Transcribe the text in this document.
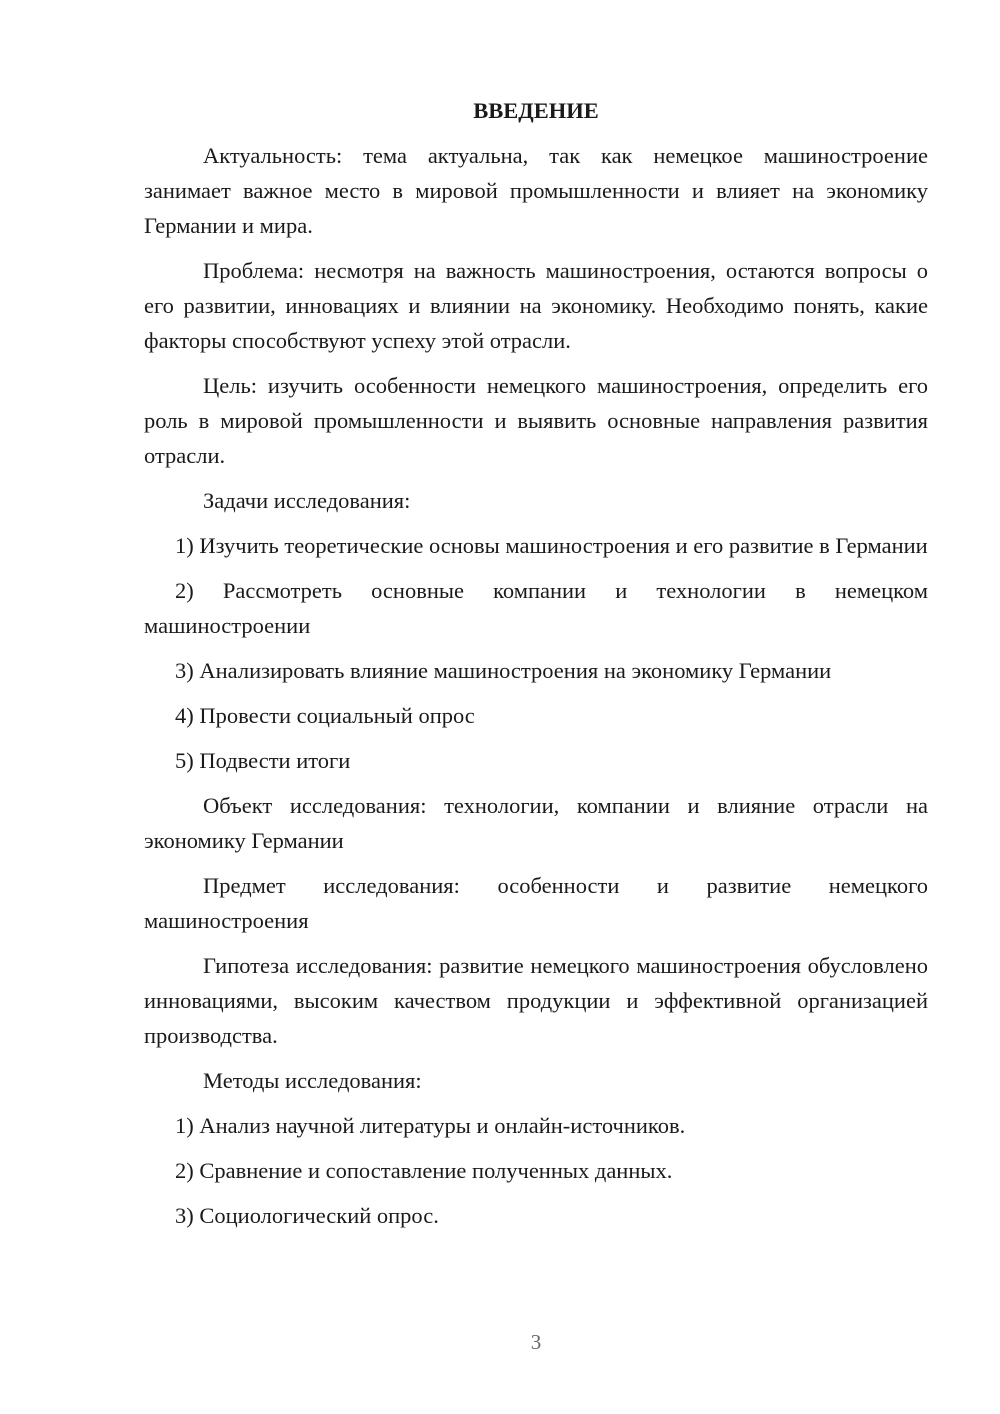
ВВЕДЕНИЕ

Актуальность: тема актуальна, так как немецкое машиностроение занимает важное место в мировой промышленности и влияет на экономику Германии и мира.

Проблема: несмотря на важность машиностроения, остаются вопросы о его развитии, инновациях и влиянии на экономику. Необходимо понять, какие факторы способствуют успеху этой отрасли.

Цель: изучить особенности немецкого машиностроения, определить его роль в мировой промышленности и выявить основные направления развития отрасли.

Задачи исследования:

1) Изучить теоретические основы машиностроения и его развитие в Германии

2) Рассмотреть основные компании и технологии в немецком машиностроении

3) Анализировать влияние машиностроения на экономику Германии

4) Провести социальный опрос

5) Подвести итоги

Объект исследования: технологии, компании и влияние отрасли на экономику Германии

Предмет исследования: особенности и развитие немецкого машиностроения

Гипотеза исследования: развитие немецкого машиностроения обусловлено инновациями, высоким качеством продукции и эффективной организацией производства.

Методы исследования:

1) Анализ научной литературы и онлайн-источников.

2) Сравнение и сопоставление полученных данных.

3) Социологический опрос.

3
